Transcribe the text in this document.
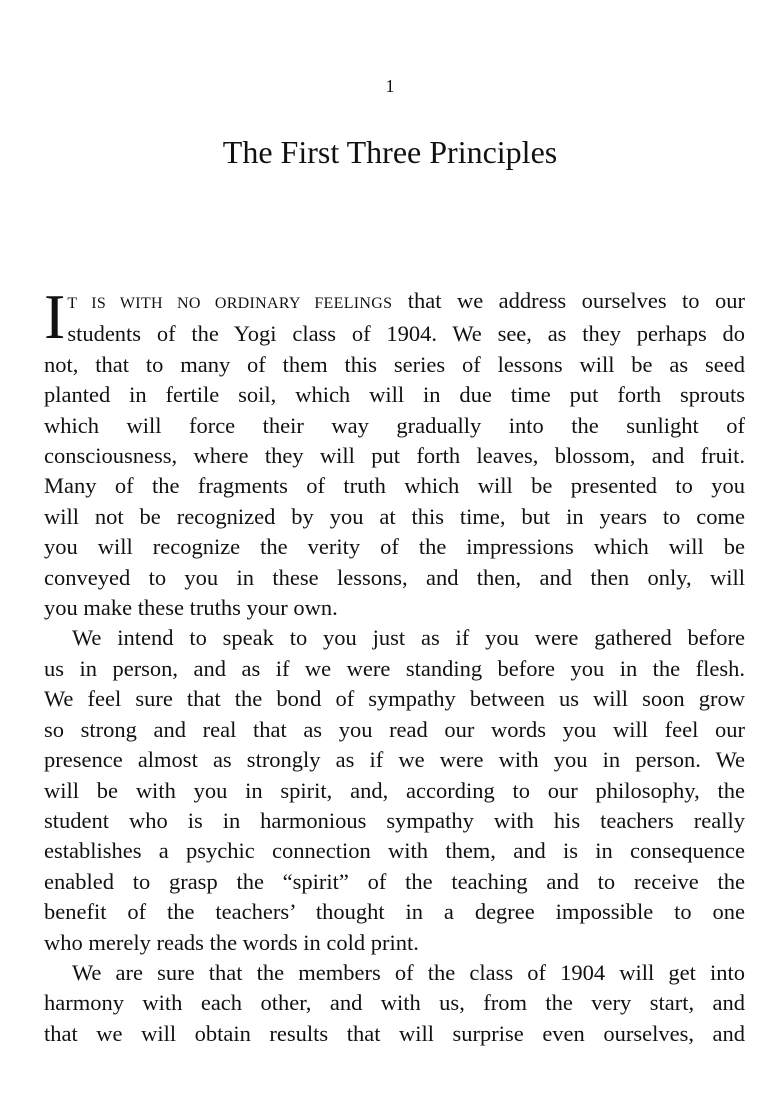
1
The First Three Principles
I T IS WITH NO ORDINARY FEELINGS that we address ourselves to our
students of the Yogi class of 1904. We see, as they perhaps do
not, that to many of them this series of lessons will be as seed
planted in fertile soil, which will in due time put forth sprouts
which will force their way gradually into the sunlight of
consciousness, where they will put forth leaves, blossom, and fruit.
Many of the fragments of truth which will be presented to you
will not be recognized by you at this time, but in years to come
you will recognize the verity of the impressions which will be
conveyed to you in these lessons, and then, and then only, will
you make these truths your own.
We intend to speak to you just as if you were gathered before
us in person, and as if we were standing before you in the flesh.
We feel sure that the bond of sympathy between us will soon grow
so strong and real that as you read our words you will feel our
presence almost as strongly as if we were with you in person. We
will be with you in spirit, and, according to our philosophy, the
student who is in harmonious sympathy with his teachers really
establishes a psychic connection with them, and is in consequence
enabled to grasp the “spirit” of the teaching and to receive the
benefit of the teachers’ thought in a degree impossible to one
who merely reads the words in cold print.
We are sure that the members of the class of 1904 will get into
harmony with each other, and with us, from the very start, and
that we will obtain results that will surprise even ourselves, and
